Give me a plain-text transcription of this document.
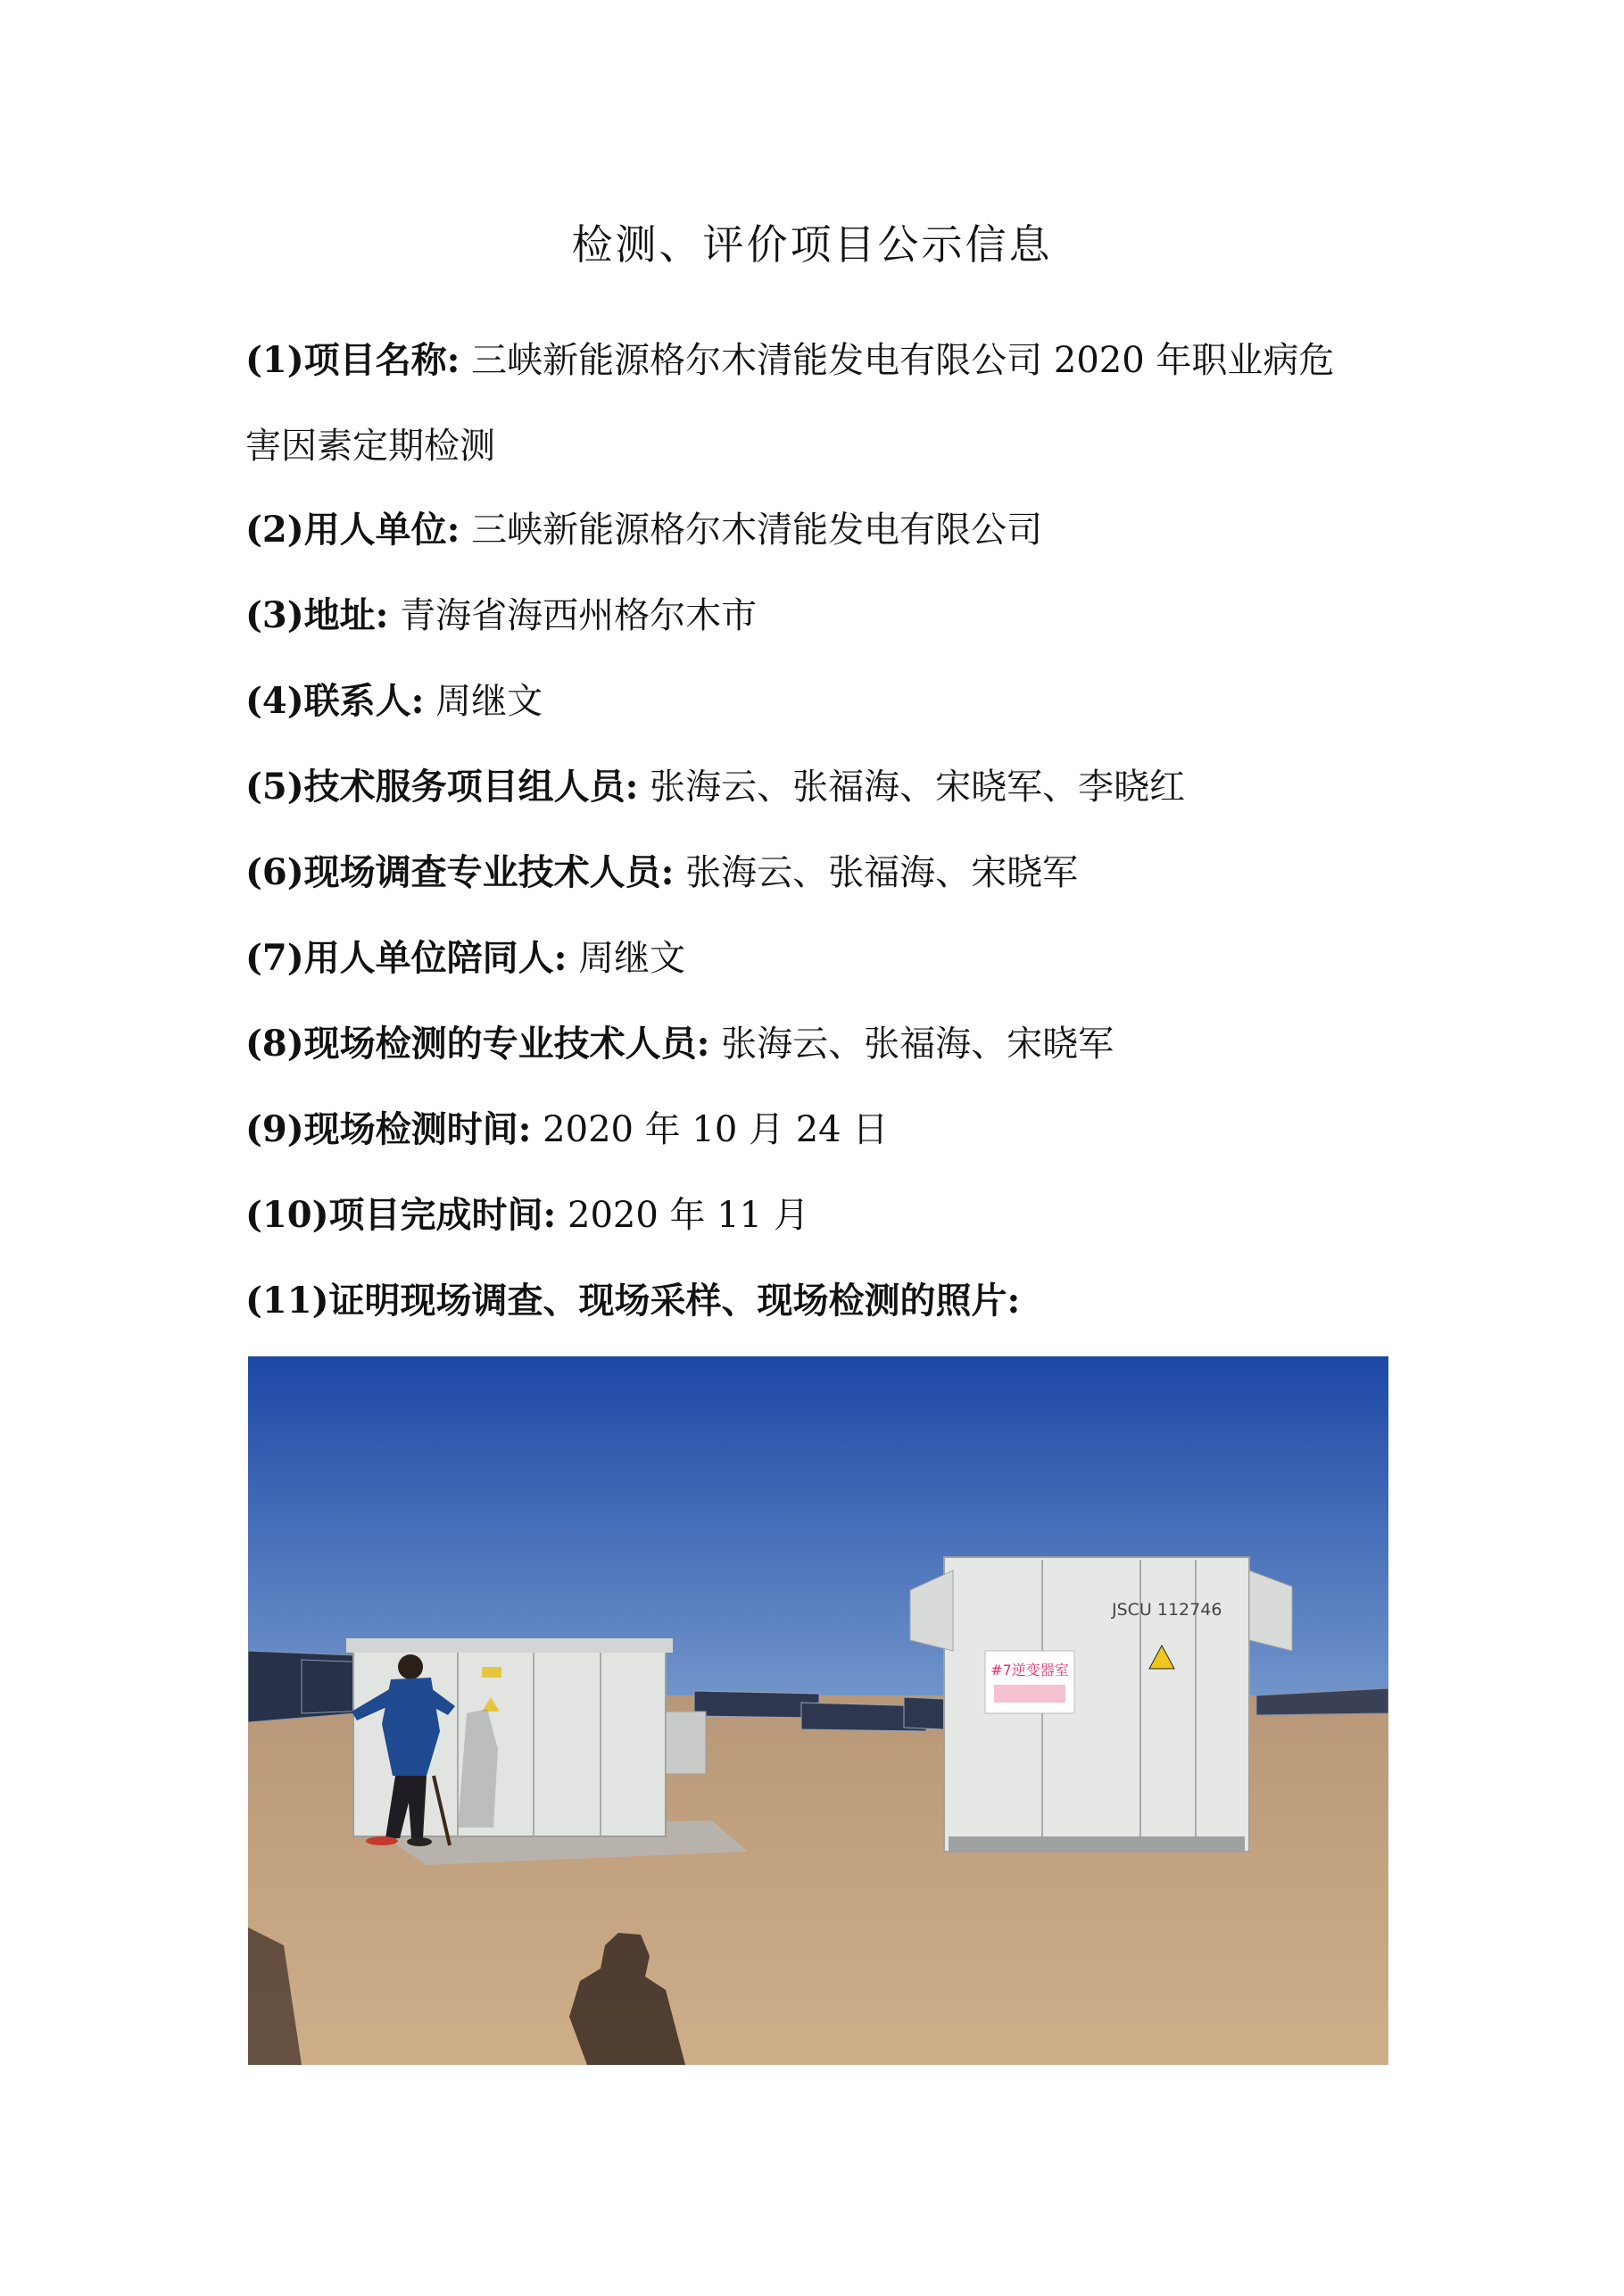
检测、评价项目公示信息
(1)项目名称: 三峡新能源格尔木清能发电有限公司 2020 年职业病危
害因素定期检测
(2)用人单位: 三峡新能源格尔木清能发电有限公司
(3)地址: 青海省海西州格尔木市
(4)联系人: 周继文
(5)技术服务项目组人员: 张海云、张福海、宋晓军、李晓红
(6)现场调查专业技术人员: 张海云、张福海、宋晓军
(7)用人单位陪同人: 周继文
(8)现场检测的专业技术人员: 张海云、张福海、宋晓军
(9)现场检测时间: 2020 年 10 月 24 日
(10)项目完成时间: 2020 年 11 月
(11)证明现场调查、现场采样、现场检测的照片:
JSCU 112746
#7逆变器室
